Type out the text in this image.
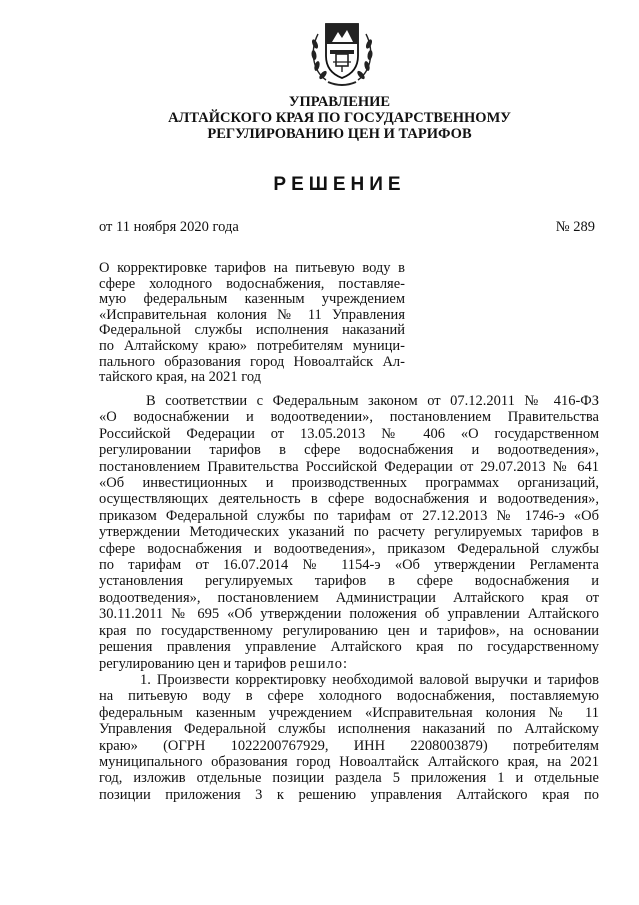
УПРАВЛЕНИЕ
АЛТАЙСКОГО КРАЯ ПО ГОСУДАРСТВЕННОМУ
РЕГУЛИРОВАНИЮ ЦЕН И ТАРИФОВ
РЕШЕНИЕ
от 11 ноября 2020 года	№ 289
О корректировке тарифов на питьевую воду в
сфере холодного водоснабжения, поставляе-
мую федеральным казенным учреждением
«Исправительная колония № 11 Управления
Федеральной службы исполнения наказаний
по Алтайскому краю» потребителям муници-
пального образования город Новоалтайск Ал-
тайского края, на 2021 год
В соответствии с Федеральным законом от 07.12.2011 № 416-ФЗ
«О водоснабжении и водоотведении», постановлением Правительства
Российской Федерации от 13.05.2013 № 406 «О государственном
регулировании тарифов в сфере водоснабжения и водоотведения»,
постановлением Правительства Российской Федерации от 29.07.2013 № 641
«Об инвестиционных и производственных программах организаций,
осуществляющих деятельность в сфере водоснабжения и водоотведения»,
приказом Федеральной службы по тарифам от 27.12.2013 № 1746-э «Об
утверждении Методических указаний по расчету регулируемых тарифов в
сфере водоснабжения и водоотведения», приказом Федеральной службы
по тарифам от 16.07.2014 № 1154-э «Об утверждении Регламента
установления регулируемых тарифов в сфере водоснабжения и
водоотведения», постановлением Администрации Алтайского края от
30.11.2011 № 695 «Об утверждении положения об управлении Алтайского
края по государственному регулированию цен и тарифов», на основании
решения правления управление Алтайского края по государственному
регулированию цен и тарифов решило:
1. Произвести корректировку необходимой валовой выручки и тарифов
на питьевую воду в сфере холодного водоснабжения, поставляемую
федеральным казенным учреждением «Исправительная колония № 11
Управления Федеральной службы исполнения наказаний по Алтайскому
краю» (ОГРН 1022200767929, ИНН 2208003879) потребителям
муниципального образования город Новоалтайск Алтайского края, на 2021
год, изложив отдельные позиции раздела 5 приложения 1 и отдельные
позиции приложения 3 к решению управления Алтайского края по
